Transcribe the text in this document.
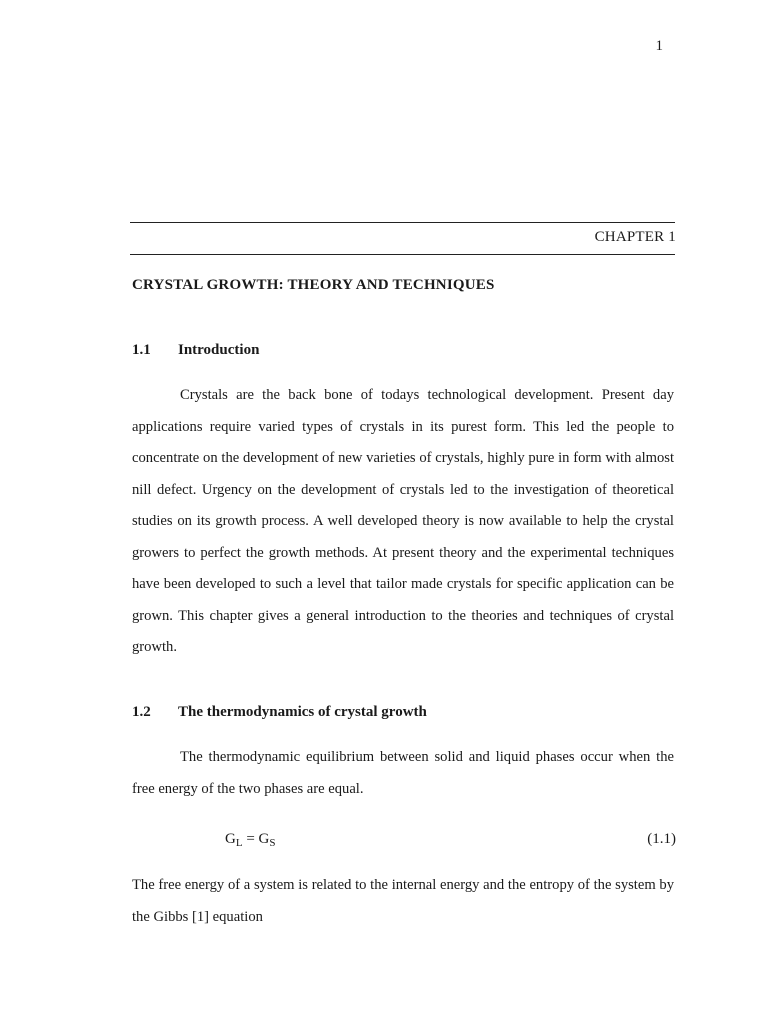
1
CHAPTER 1
CRYSTAL GROWTH: THEORY AND TECHNIQUES
1.1 Introduction

Crystals are the back bone of todays technological development. Present day applications require varied types of crystals in its purest form. This led the people to concentrate on the development of new varieties of crystals, highly pure in form with almost nill defect. Urgency on the development of crystals led to the investigation of theoretical studies on its growth process. A well developed theory is now available to help the crystal growers to perfect the growth methods. At present theory and the experimental techniques have been developed to such a level that tailor made crystals for specific application can be grown. This chapter gives a general introduction to the theories and techniques of crystal growth.

1.2 The thermodynamics of crystal growth

The thermodynamic equilibrium between solid and liquid phases occur when the free energy of the two phases are equal.

$G_L = G_S$	(1.1)

The free energy of a system is related to the internal energy and the entropy of the system by the Gibbs [1] equation
